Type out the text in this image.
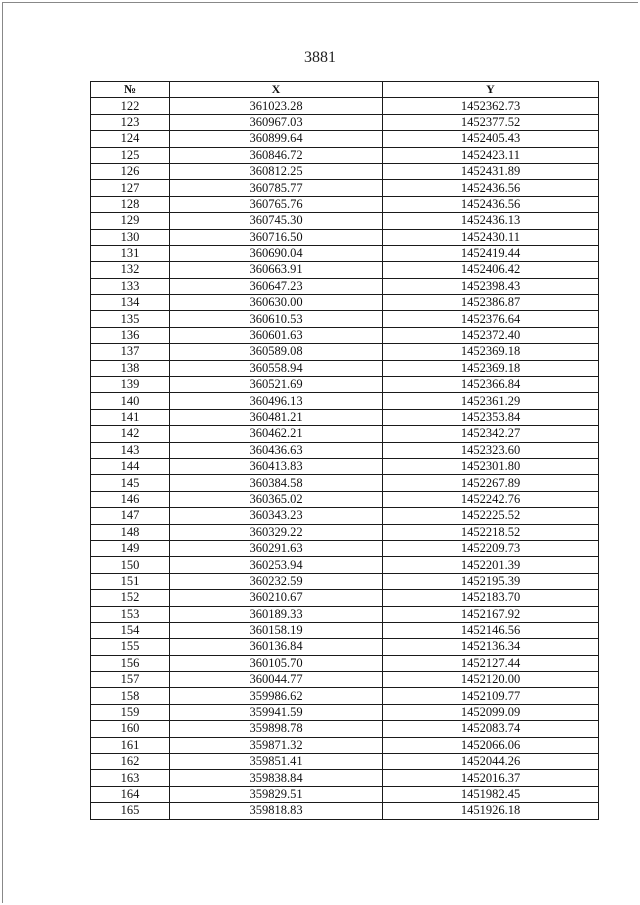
3881
№	X	Y
122	361023.28	1452362.73
123	360967.03	1452377.52
124	360899.64	1452405.43
125	360846.72	1452423.11
126	360812.25	1452431.89
127	360785.77	1452436.56
128	360765.76	1452436.56
129	360745.30	1452436.13
130	360716.50	1452430.11
131	360690.04	1452419.44
132	360663.91	1452406.42
133	360647.23	1452398.43
134	360630.00	1452386.87
135	360610.53	1452376.64
136	360601.63	1452372.40
137	360589.08	1452369.18
138	360558.94	1452369.18
139	360521.69	1452366.84
140	360496.13	1452361.29
141	360481.21	1452353.84
142	360462.21	1452342.27
143	360436.63	1452323.60
144	360413.83	1452301.80
145	360384.58	1452267.89
146	360365.02	1452242.76
147	360343.23	1452225.52
148	360329.22	1452218.52
149	360291.63	1452209.73
150	360253.94	1452201.39
151	360232.59	1452195.39
152	360210.67	1452183.70
153	360189.33	1452167.92
154	360158.19	1452146.56
155	360136.84	1452136.34
156	360105.70	1452127.44
157	360044.77	1452120.00
158	359986.62	1452109.77
159	359941.59	1452099.09
160	359898.78	1452083.74
161	359871.32	1452066.06
162	359851.41	1452044.26
163	359838.84	1452016.37
164	359829.51	1451982.45
165	359818.83	1451926.18
